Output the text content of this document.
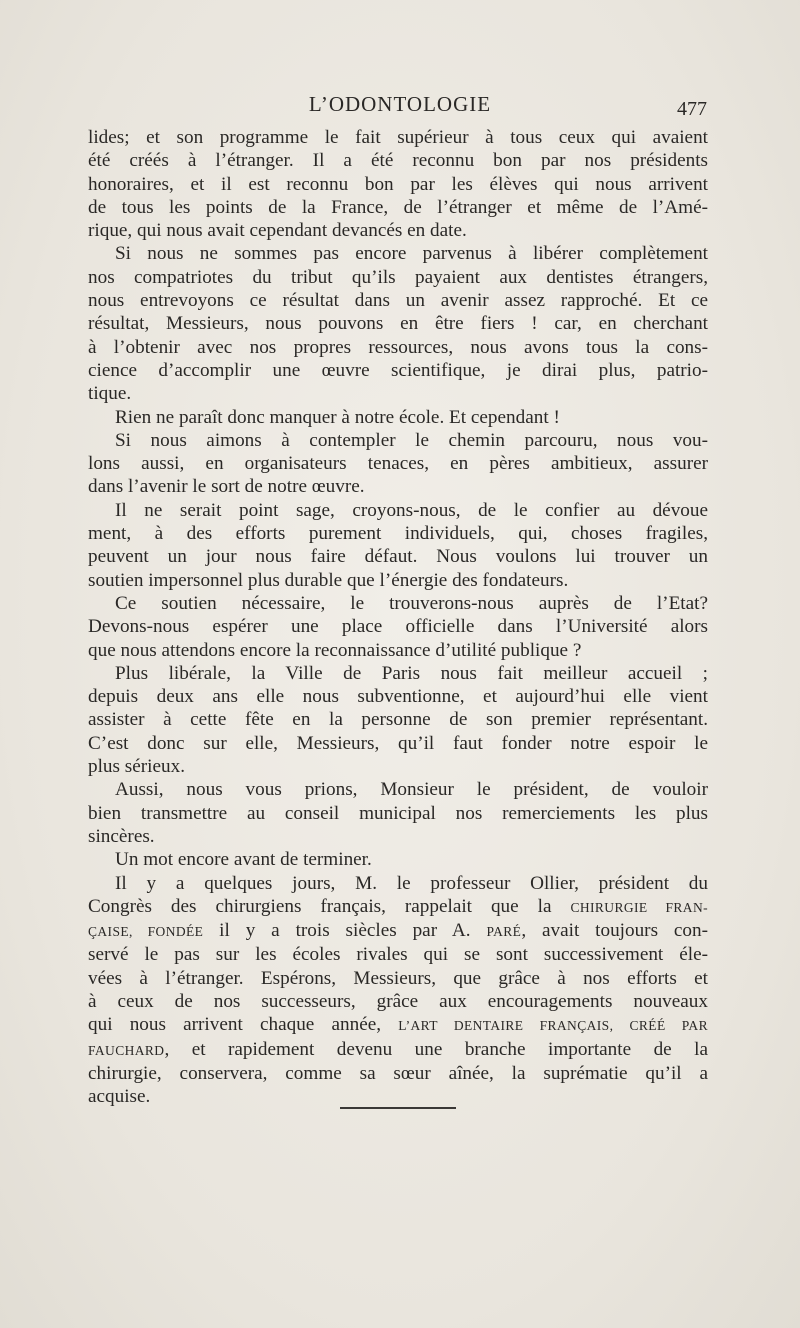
L’ODONTOLOGIE	477
lides; et son programme le fait supérieur à tous ceux qui avaient
été créés à l’étranger. Il a été reconnu bon par nos présidents
honoraires, et il est reconnu bon par les élèves qui nous arrivent
de tous les points de la France, de l’étranger et même de l’Amé-
rique, qui nous avait cependant devancés en date.
Si nous ne sommes pas encore parvenus à libérer complètement
nos compatriotes du tribut qu’ils payaient aux dentistes étrangers,
nous entrevoyons ce résultat dans un avenir assez rapproché. Et ce
résultat, Messieurs, nous pouvons en être fiers ! car, en cherchant
à l’obtenir avec nos propres ressources, nous avons tous la cons-
cience d’accomplir une œuvre scientifique, je dirai plus, patrio-
tique.
Rien ne paraît donc manquer à notre école. Et cependant !
Si nous aimons à contempler le chemin parcouru, nous vou-
lons aussi, en organisateurs tenaces, en pères ambitieux, assurer
dans l’avenir le sort de notre œuvre.
Il ne serait point sage, croyons-nous, de le confier au dévoue
ment, à des efforts purement individuels, qui, choses fragiles,
peuvent un jour nous faire défaut. Nous voulons lui trouver un
soutien impersonnel plus durable que l’énergie des fondateurs.
Ce soutien nécessaire, le trouverons-nous auprès de l’Etat?
Devons-nous espérer une place officielle dans l’Université alors
que nous attendons encore la reconnaissance d’utilité publique ?
Plus libérale, la Ville de Paris nous fait meilleur accueil ;
depuis deux ans elle nous subventionne, et aujourd’hui elle vient
assister à cette fête en la personne de son premier représentant.
C’est donc sur elle, Messieurs, qu’il faut fonder notre espoir le
plus sérieux.
Aussi, nous vous prions, Monsieur le président, de vouloir
bien transmettre au conseil municipal nos remerciements les plus
sincères.
Un mot encore avant de terminer.
Il y a quelques jours, M. le professeur Ollier, président du
Congrès des chirurgiens français, rappelait que la CHIRURGIE FRAN-
ÇAISE, FONDÉE il y a trois siècles par A. PARÉ, avait toujours con-
servé le pas sur les écoles rivales qui se sont successivement éle-
vées à l’étranger. Espérons, Messieurs, que grâce à nos efforts et
à ceux de nos successeurs, grâce aux encouragements nouveaux
qui nous arrivent chaque année, L’ART DENTAIRE FRANÇAIS, CRÉÉ PAR
FAUCHARD, et rapidement devenu une branche importante de la
chirurgie, conservera, comme sa sœur aînée, la suprématie qu’il a
acquise.
